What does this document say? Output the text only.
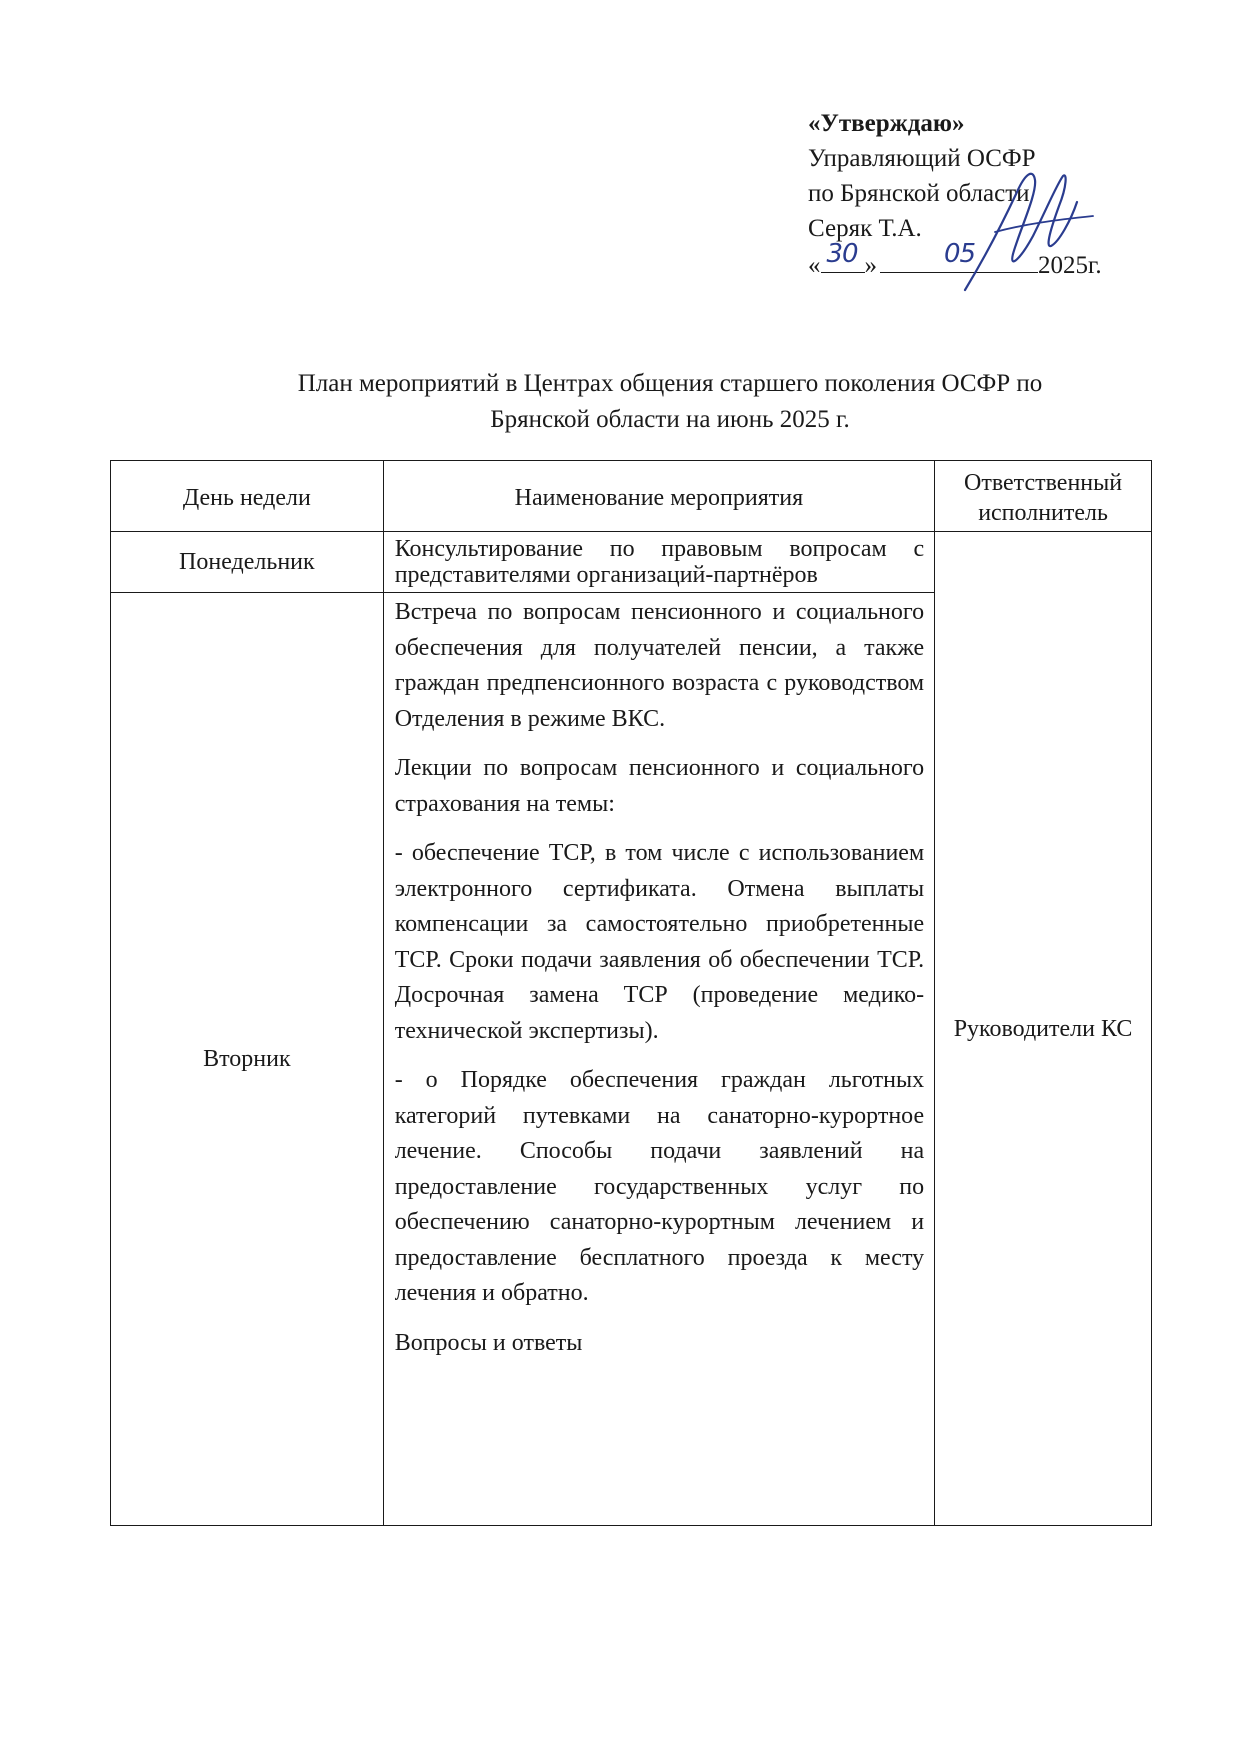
«Утверждаю»
Управляющий ОСФР
по Брянской области
Серяк Т.А.
« 30 »	05	2025г.
План мероприятий в Центрах общения старшего поколения ОСФР по
Брянской области на июнь 2025 г.
День недели	Наименование мероприятия	Ответственный исполнитель
Понедельник	Консультирование по правовым вопросам с представителями организаций-партнёров	Руководители КС
Вторник	Встреча по вопросам пенсионного и социального обеспечения для получателей пенсии, а также граждан предпенсионного возраста с руководством Отделения в режиме ВКС.

Лекции по вопросам пенсионного и социального страхования на темы:

- обеспечение ТСР, в том числе с использованием электронного сертификата. Отмена выплаты компенсации за самостоятельно приобретенные ТСР. Сроки подачи заявления об обеспечении ТСР. Досрочная замена ТСР (проведение медико-технической экспертизы).

- о Порядке обеспечения граждан льготных категорий путевками на санаторно-курортное лечение. Способы подачи заявлений на предоставление государственных услуг по обеспечению санаторно-курортным лечением и предоставление бесплатного проезда к месту лечения и обратно.

Вопросы и ответы	
